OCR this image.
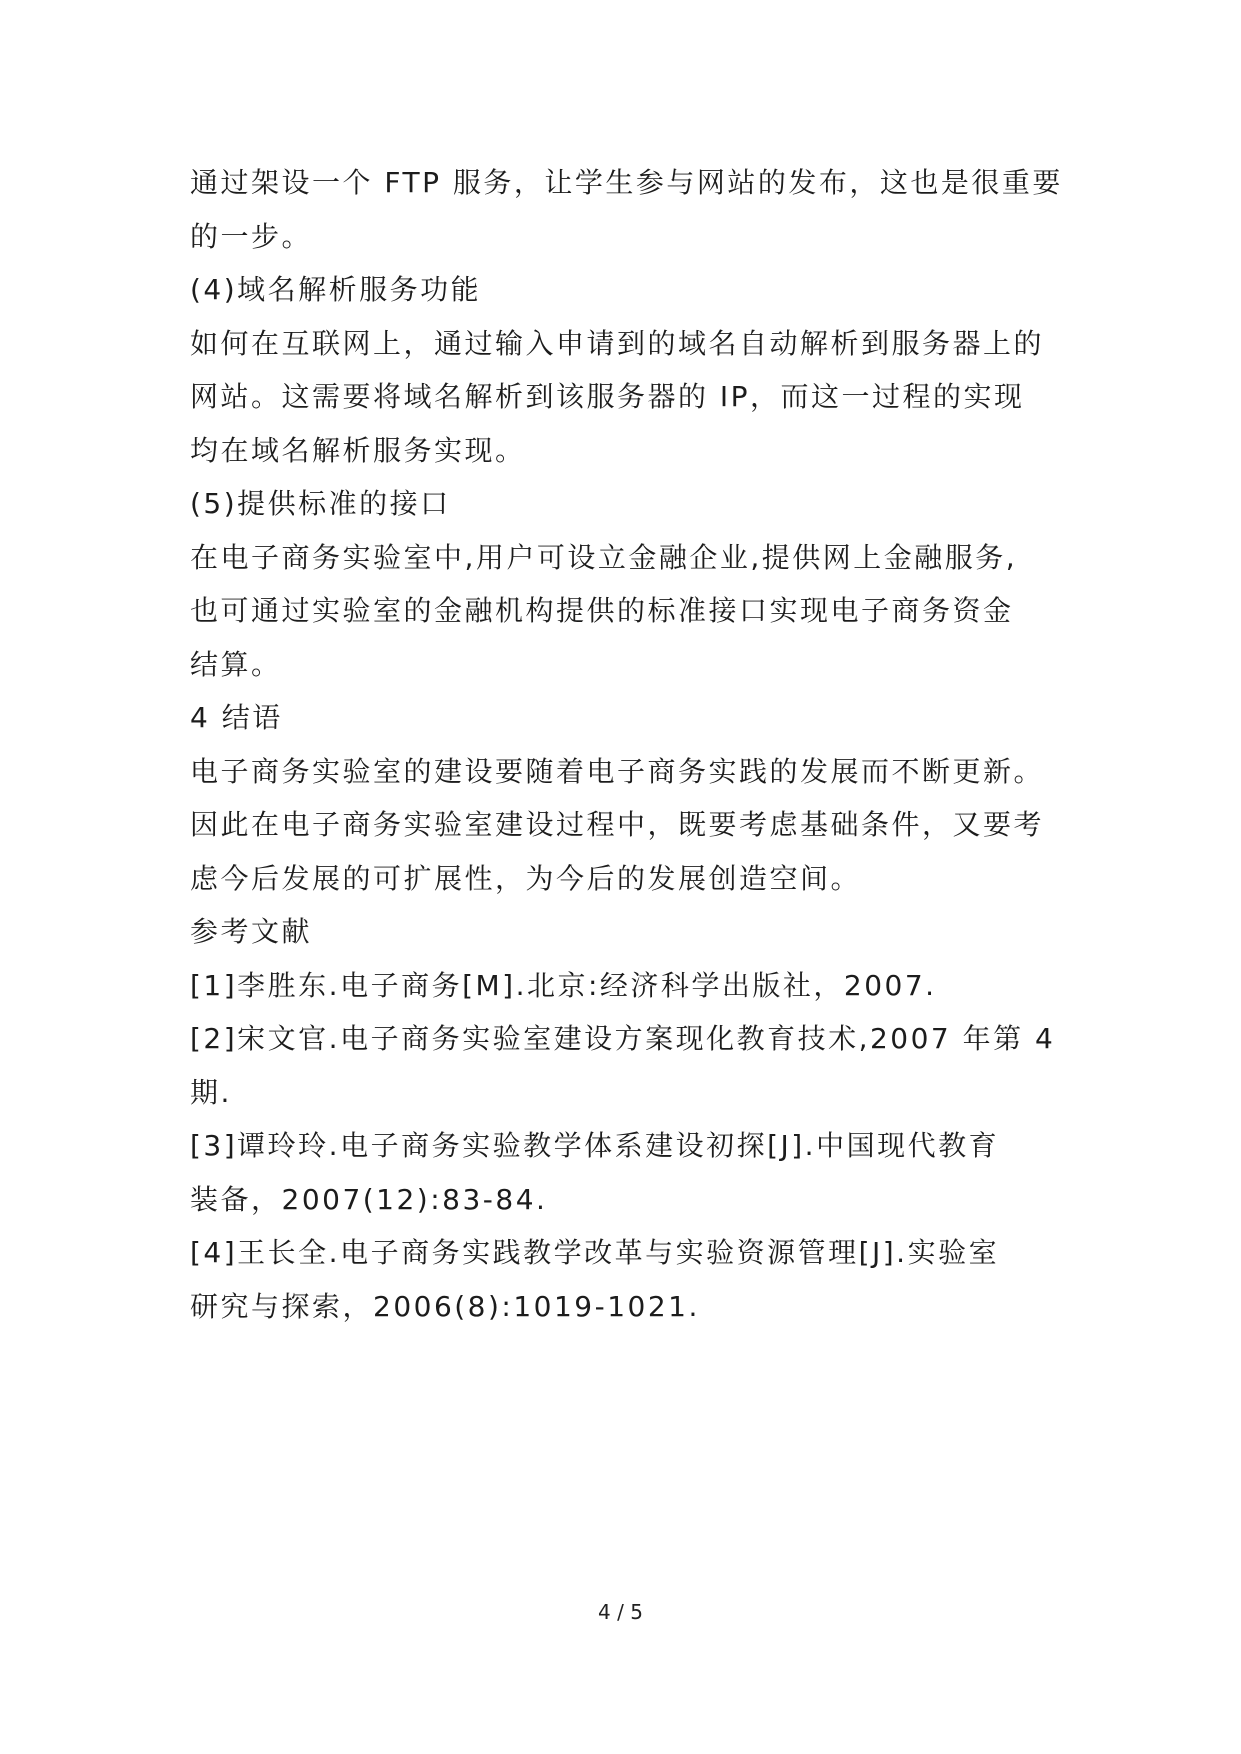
通过架设一个 FTP 服务，让学生参与网站的发布，这也是很重要
的一步。
(4)域名解析服务功能
如何在互联网上，通过输入申请到的域名自动解析到服务器上的
网站。这需要将域名解析到该服务器的 IP，而这一过程的实现
均在域名解析服务实现。
(5)提供标准的接口
在电子商务实验室中,用户可设立金融企业,提供网上金融服务,
也可通过实验室的金融机构提供的标准接口实现电子商务资金
结算。
4 结语
电子商务实验室的建设要随着电子商务实践的发展而不断更新。
因此在电子商务实验室建设过程中，既要考虑基础条件，又要考
虑今后发展的可扩展性，为今后的发展创造空间。
参考文献
[1]李胜东.电子商务[M].北京:经济科学出版社，2007.
[2]宋文官.电子商务实验室建设方案现化教育技术,2007 年第 4
期.
[3]谭玲玲.电子商务实验教学体系建设初探[J].中国现代教育
装备，2007(12):83-84.
[4]王长全.电子商务实践教学改革与实验资源管理[J].实验室
研究与探索，2006(8):1019-1021.
4 / 5
